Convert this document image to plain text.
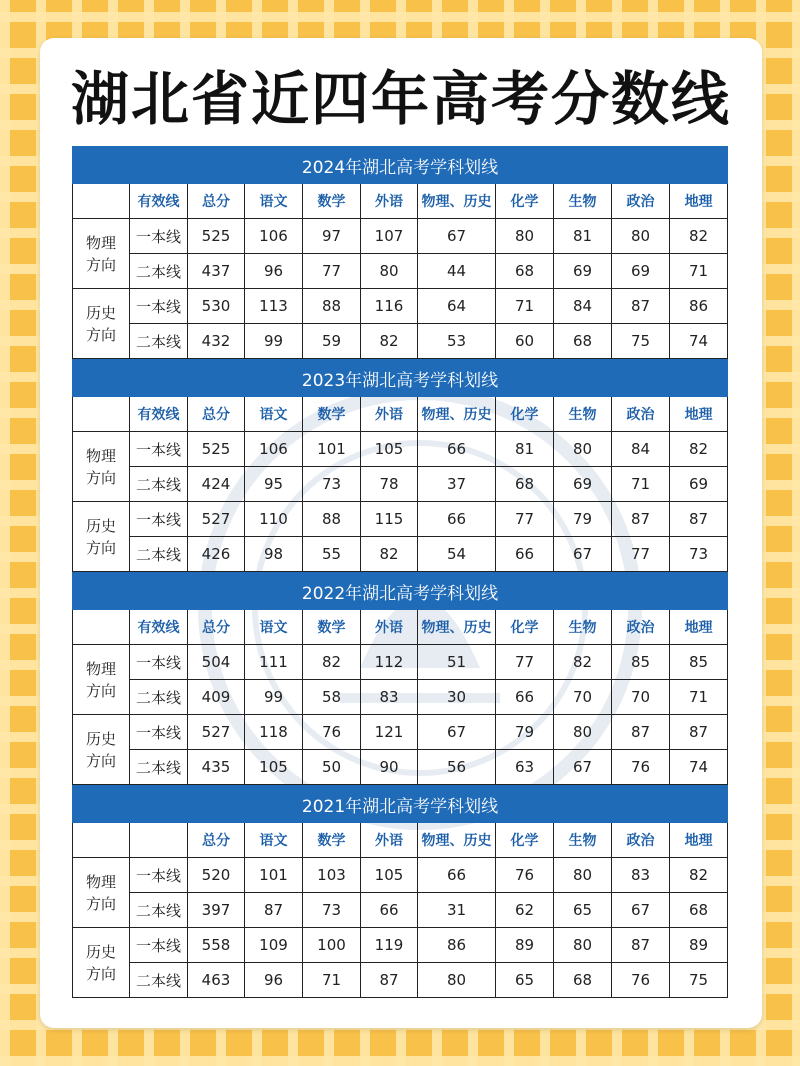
湖北省近四年高考分数线
2024年湖北高考学科划线										
	有效线	总分	语文	数学	外语	物理、历史	化学	生物	政治	地理

物理
方向	一本线	525	106	97	107	67	80	81	80	82
	二本线	437	96	77	80	44	68	69	69	71

历史
方向	一本线	530	113	88	116	64	71	84	87	86
	二本线	432	99	59	82	53	60	68	75	74
2023年湖北高考学科划线										
	有效线	总分	语文	数学	外语	物理、历史	化学	生物	政治	地理

物理
方向	一本线	525	106	101	105	66	81	80	84	82
	二本线	424	95	73	78	37	68	69	71	69

历史
方向	一本线	527	110	88	115	66	77	79	87	87
	二本线	426	98	55	82	54	66	67	77	73
2022年湖北高考学科划线										
	有效线	总分	语文	数学	外语	物理、历史	化学	生物	政治	地理

物理
方向	一本线	504	111	82	112	51	77	82	85	85
	二本线	409	99	58	83	30	66	70	70	71

历史
方向	一本线	527	118	76	121	67	79	80	87	87
	二本线	435	105	50	90	56	63	67	76	74
2021年湖北高考学科划线										
		总分	语文	数学	外语	物理、历史	化学	生物	政治	地理

物理
方向	一本线	520	101	103	105	66	76	80	83	82
	二本线	397	87	73	66	31	62	65	67	68

历史
方向	一本线	558	109	100	119	86	89	80	87	89
	二本线	463	96	71	87	80	65	68	76	75
